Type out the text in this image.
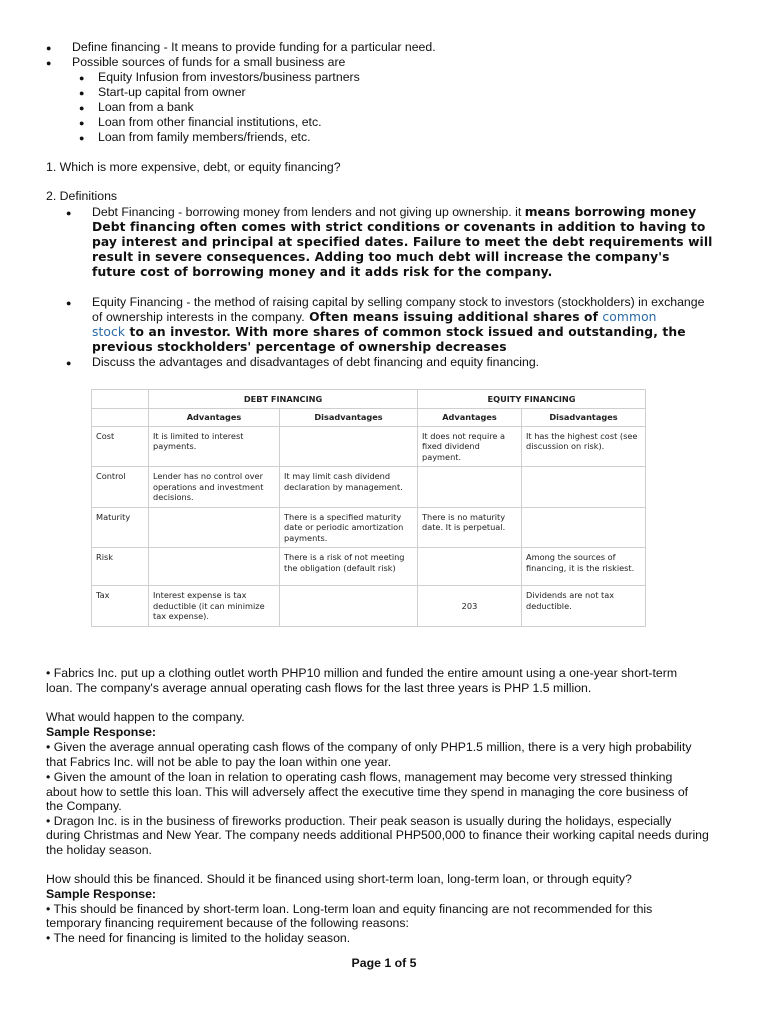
● Define financing - It means to provide funding for a particular need.
● Possible sources of funds for a small business are
● Equity Infusion from investors/business partners
● Start-up capital from owner
● Loan from a bank
● Loan from other financial institutions, etc.
● Loan from family members/friends, etc.
1. Which is more expensive, debt, or equity financing?
2. Definitions
● Debt Financing - borrowing money from lenders and not giving up ownership. it means borrowing money
Debt financing often comes with strict conditions or covenants in addition to having to
pay interest and principal at specified dates. Failure to meet the debt requirements will
result in severe consequences. Adding too much debt will increase the company's
future cost of borrowing money and it adds risk for the company.
● Equity Financing - the method of raising capital by selling company stock to investors (stockholders) in exchange
of ownership interests in the company. Often means issuing additional shares of common
stock to an investor. With more shares of common stock issued and outstanding, the
previous stockholders' percentage of ownership decreases
● Discuss the advantages and disadvantages of debt financing and equity financing.
	DEBT FINANCING		EQUITY FINANCING	
	Advantages	Disadvantages	Advantages	Disadvantages
Cost	It is limited to interest payments.		It does not require a fixed dividend payment.	It has the highest cost (see discussion on risk).
Control	Lender has no control over operations and investment decisions.	It may limit cash dividend declaration by management.		
Maturity		There is a specified maturity date or periodic amortization payments.	There is no maturity date. It is perpetual.	
Risk		There is a risk of not meeting the obligation (default risk)		Among the sources of financing, it is the riskiest.
Tax	Interest expense is tax deductible (it can minimize tax expense).		203	Dividends are not tax deductible.
• Fabrics Inc. put up a clothing outlet worth PHP10 million and funded the entire amount using a one-year short-term
loan. The company's average annual operating cash flows for the last three years is PHP 1.5 million.
What would happen to the company.
Sample Response:
• Given the average annual operating cash flows of the company of only PHP1.5 million, there is a very high probability
that Fabrics Inc. will not be able to pay the loan within one year.
• Given the amount of the loan in relation to operating cash flows, management may become very stressed thinking
about how to settle this loan. This will adversely affect the executive time they spend in managing the core business of
the Company.
• Dragon Inc. is in the business of fireworks production. Their peak season is usually during the holidays, especially
during Christmas and New Year. The company needs additional PHP500,000 to finance their working capital needs during
the holiday season.
How should this be financed. Should it be financed using short-term loan, long-term loan, or through equity?
Sample Response:
• This should be financed by short-term loan. Long-term loan and equity financing are not recommended for this
temporary financing requirement because of the following reasons:
• The need for financing is limited to the holiday season.
Page 1 of 5
